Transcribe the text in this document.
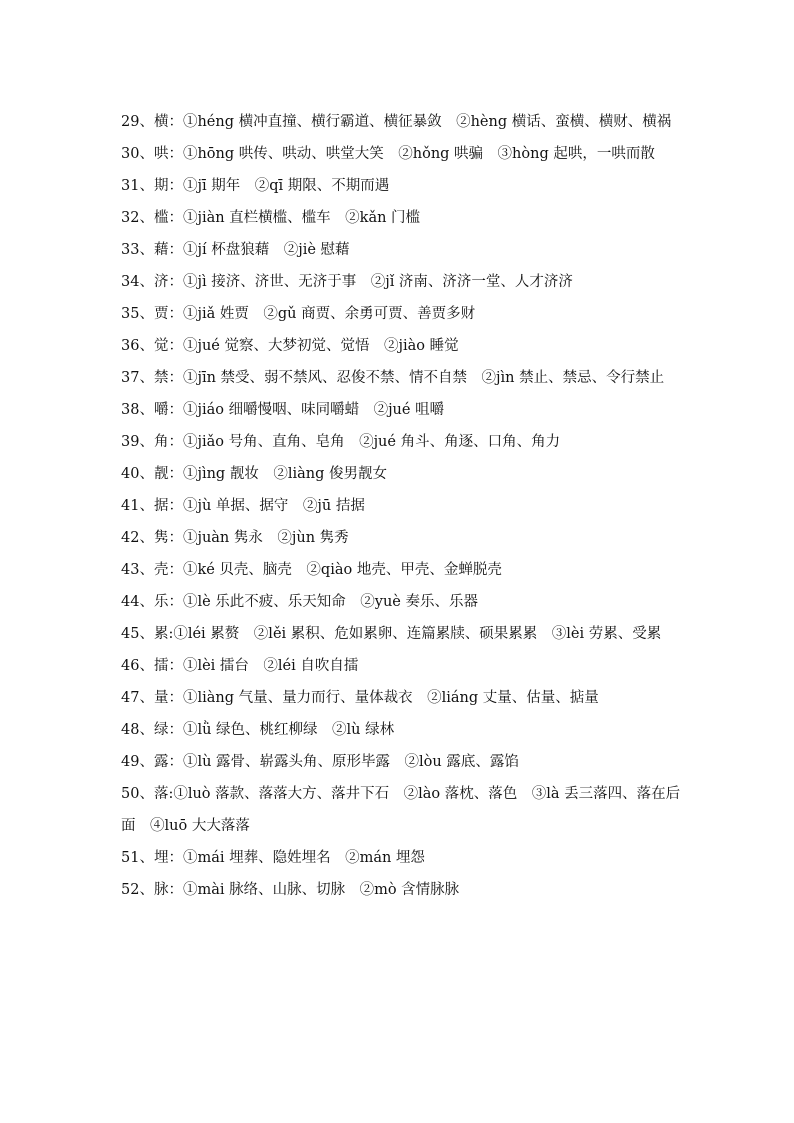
29、横：①héng 横冲直撞、横行霸道、横征暴敛　②hèng 横话、蛮横、横财、横祸
30、哄：①hōng 哄传、哄动、哄堂大笑　②hǒng 哄骗　③hòng 起哄，一哄而散
31、期：①jī 期年　②qī 期限、不期而遇
32、槛：①jiàn 直栏横槛、槛车　②kǎn 门槛
33、藉：①jí 杯盘狼藉　②jiè 慰藉
34、济：①jì 接济、济世、无济于事　②jǐ 济南、济济一堂、人才济济
35、贾：①jiǎ 姓贾　②gǔ 商贾、余勇可贾、善贾多财
36、觉：①jué 觉察、大梦初觉、觉悟　②jiào 睡觉
37、禁：①jīn 禁受、弱不禁风、忍俊不禁、情不自禁　②jìn 禁止、禁忌、令行禁止
38、嚼：①jiáo 细嚼慢咽、味同嚼蜡　②jué 咀嚼
39、角：①jiǎo 号角、直角、皂角　②jué 角斗、角逐、口角、角力
40、靓：①jìng 靓妆　②liàng 俊男靓女
41、据：①jù 单据、据守　②jū 拮据
42、隽：①juàn 隽永　②jùn 隽秀
43、壳：①ké 贝壳、脑壳　②qiào 地壳、甲壳、金蝉脱壳
44、乐：①lè 乐此不疲、乐天知命　②yuè 奏乐、乐器
45、累:①léi 累赘　②lěi 累积、危如累卵、连篇累牍、硕果累累　③lèi 劳累、受累
46、擂：①lèi 擂台　②léi 自吹自擂
47、量：①liàng 气量、量力而行、量体裁衣　②liáng 丈量、估量、掂量
48、绿：①lǜ 绿色、桃红柳绿　②lù 绿林
49、露：①lù 露骨、崭露头角、原形毕露　②lòu 露底、露馅
50、落:①luò 落款、落落大方、落井下石　②lào 落枕、落色　③là 丢三落四、落在后面　④luō 大大落落
51、埋：①mái 埋葬、隐姓埋名　②mán 埋怨
52、脉：①mài 脉络、山脉、切脉　②mò 含情脉脉
